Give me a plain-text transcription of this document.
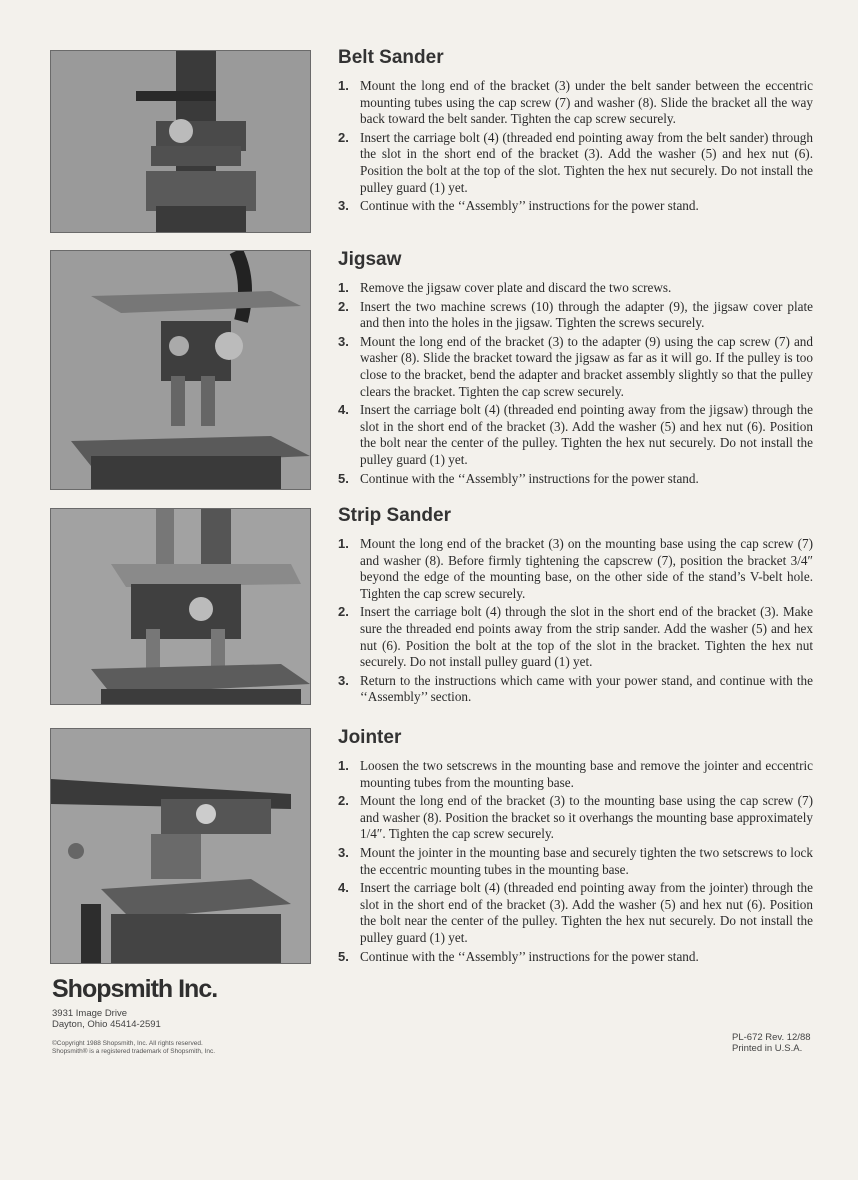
Belt Sander
1. Mount the long end of the bracket (3) under the belt sander between the eccentric mounting tubes using the cap screw (7) and washer (8). Slide the bracket all the way back toward the belt sander. Tighten the cap screw securely.
2. Insert the carriage bolt (4) (threaded end pointing away from the belt sander) through the slot in the short end of the bracket (3). Add the washer (5) and hex nut (6). Position the bolt at the top of the slot. Tighten the hex nut securely. Do not install the pulley guard (1) yet.
3. Continue with the ‘‘Assembly’’ instructions for the power stand.
Jigsaw
1. Remove the jigsaw cover plate and discard the two screws.
2. Insert the two machine screws (10) through the adapter (9), the jigsaw cover plate and then into the holes in the jigsaw. Tighten the screws securely.
3. Mount the long end of the bracket (3) to the adapter (9) using the cap screw (7) and washer (8). Slide the bracket toward the jigsaw as far as it will go. If the pulley is too close to the bracket, bend the adapter and bracket assembly slightly so that the pulley clears the bracket. Tighten the cap screw securely.
4. Insert the carriage bolt (4) (threaded end pointing away from the jigsaw) through the slot in the short end of the bracket (3). Add the washer (5) and hex nut (6). Position the bolt near the center of the pulley. Tighten the hex nut securely. Do not install the pulley guard (1) yet.
5. Continue with the ‘‘Assembly’’ instructions for the power stand.
Strip Sander
1. Mount the long end of the bracket (3) on the mounting base using the cap screw (7) and washer (8). Before firmly tightening the capscrew (7), position the bracket 3/4″ beyond the edge of the mounting base, on the other side of the stand’s V-belt hole. Tighten the cap screw securely.
2. Insert the carriage bolt (4) through the slot in the short end of the bracket (3). Make sure the threaded end points away from the strip sander. Add the washer (5) and hex nut (6). Position the bolt at the top of the slot in the bracket. Tighten the hex nut securely. Do not install pulley guard (1) yet.
3. Return to the instructions which came with your power stand, and continue with the ‘‘Assembly’’ section.
Jointer
1. Loosen the two setscrews in the mounting base and remove the jointer and eccentric mounting tubes from the mounting base.
2. Mount the long end of the bracket (3) to the mounting base using the cap screw (7) and washer (8). Position the bracket so it overhangs the mounting base approximately 1/4″. Tighten the cap screw securely.
3. Mount the jointer in the mounting base and securely tighten the two setscrews to lock the eccentric mounting tubes in the mounting base.
4. Insert the carriage bolt (4) (threaded end pointing away from the jointer) through the slot in the short end of the bracket (3). Add the washer (5) and hex nut (6). Position the bolt near the center of the pulley. Tighten the hex nut securely. Do not install the pulley guard (1) yet.
5. Continue with the ‘‘Assembly’’ instructions for the power stand.
Shopsmith Inc.
3931 Image Drive
Dayton, Ohio 45414-2591
©Copyright 1988 Shopsmith, Inc. All rights reserved.
Shopsmith® is a registered trademark of Shopsmith, Inc.
PL-672 Rev. 12/88
Printed in U.S.A.
